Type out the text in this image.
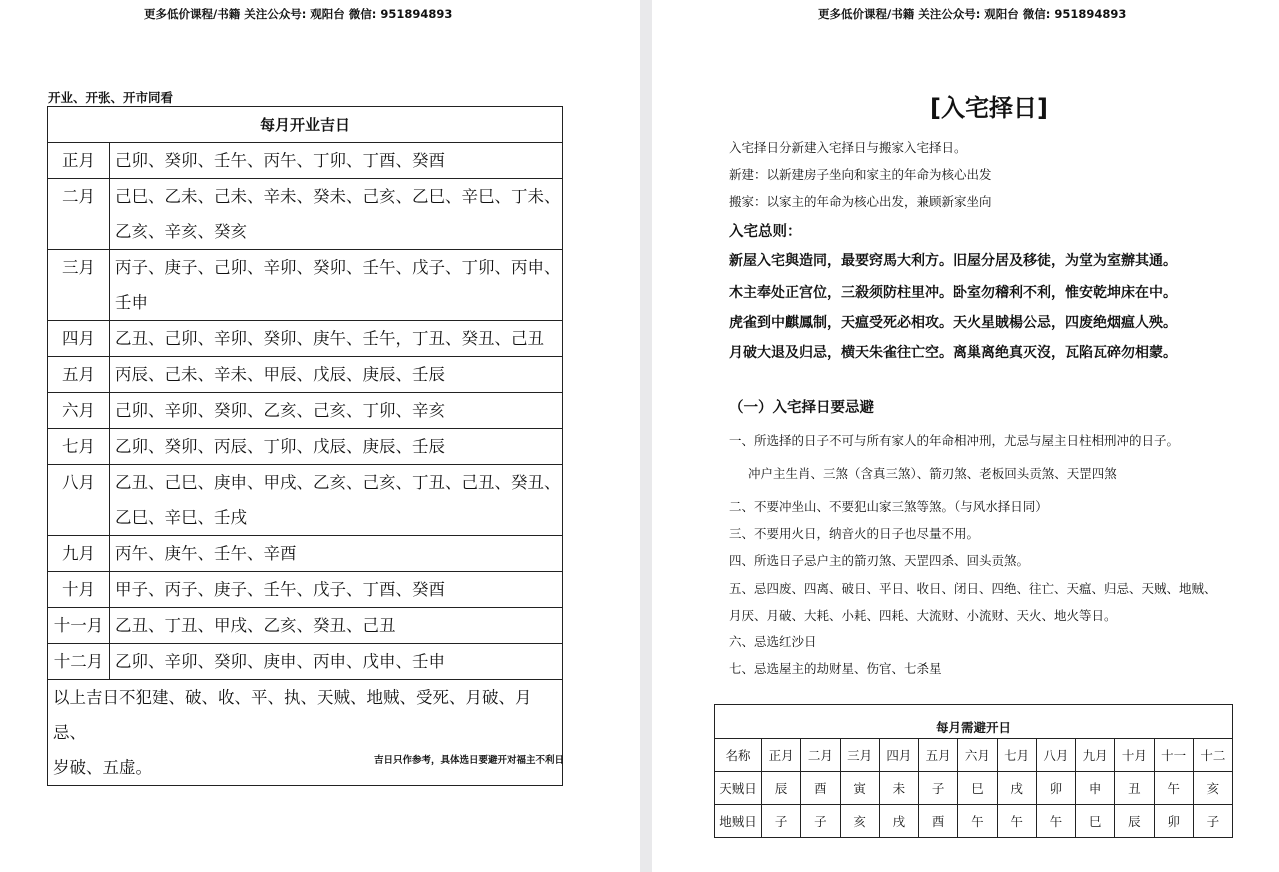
更多低价课程/书籍 关注公众号: 观阳台 微信: 951894893
开业、开张、开市同看
每月开业吉日	
正月	己卯、癸卯、壬午、丙午、丁卯、丁酉、癸酉

二月	己巳、乙未、己未、辛未、癸未、己亥、乙巳、辛巳、丁未、
乙亥、辛亥、癸亥

三月	丙子、庚子、己卯、辛卯、癸卯、壬午、戊子、丁卯、丙申、
壬申

四月	乙丑、己卯、辛卯、癸卯、庚午、壬午，丁丑、癸丑、己丑

五月	丙辰、己未、辛未、甲辰、戊辰、庚辰、壬辰

六月	己卯、辛卯、癸卯、乙亥、己亥、丁卯、辛亥

七月	乙卯、癸卯、丙辰、丁卯、戊辰、庚辰、壬辰

八月	乙丑、己巳、庚申、甲戌、乙亥、己亥、丁丑、己丑、癸丑、
乙巳、辛巳、壬戌

九月	丙午、庚午、壬午、辛酉

十月	甲子、丙子、庚子、壬午、戊子、丁酉、癸酉

十一月	乙丑、丁丑、甲戌、乙亥、癸丑、己丑

十二月	乙卯、辛卯、癸卯、庚申、丙申、戊申、壬申

以上吉日不犯建、破、收、平、执、天贼、地贼、受死、月破、月忌、
岁破、五虚。		吉日只作参考，具体选日要避开对福主不利日
更多低价课程/书籍 关注公众号: 观阳台 微信: 951894893
[入宅择日]
入宅择日分新建入宅择日与搬家入宅择日。
新建：以新建房子坐向和家主的年命为核心出发
搬家：以家主的年命为核心出发，兼顾新家坐向
入宅总则：
新屋入宅與造同，最要窍馬大利方。旧屋分居及移徒，为堂为室辦其通。
木主奉处正宫位，三殺须防柱里冲。卧室勿稽利不利，惟安乾坤床在中。
虎雀到中麒鳳制，天瘟受死必相攻。天火星賊楊公忌，四废绝烟瘟人殃。
月破大退及归忌，横天朱雀往亡空。离巢离绝真灭沒，瓦陷瓦碎勿相蒙。
（一）入宅择日要忌避
一、所选择的日子不可与所有家人的年命相冲刑，尤忌与屋主日柱相刑冲的日子。
冲户主生肖、三煞（含真三煞）、箭刃煞、老板回头贡煞、天罡四煞
二、不要冲坐山、不要犯山家三煞等煞。（与风水择日同）
三、不要用火日，纳音火的日子也尽量不用。
四、所选日子忌户主的箭刃煞、天罡四杀、回头贡煞。
五、忌四废、四离、破日、平日、收日、闭日、四绝、往亡、天瘟、归忌、天贼、地贼、
月厌、月破、大耗、小耗、四耗、大流财、小流财、天火、地火等日。
六、忌选红沙日
七、忌选屋主的劫财星、伤官、七杀星
每月需避开日												
名称	正月	二月	三月	四月	五月	六月	七月	八月	九月	十月	十一	十二
天贼日	辰	酉	寅	未	子	巳	戌	卯	申	丑	午	亥
地贼日	子	子	亥	戌	酉	午	午	午	巳	辰	卯	子
